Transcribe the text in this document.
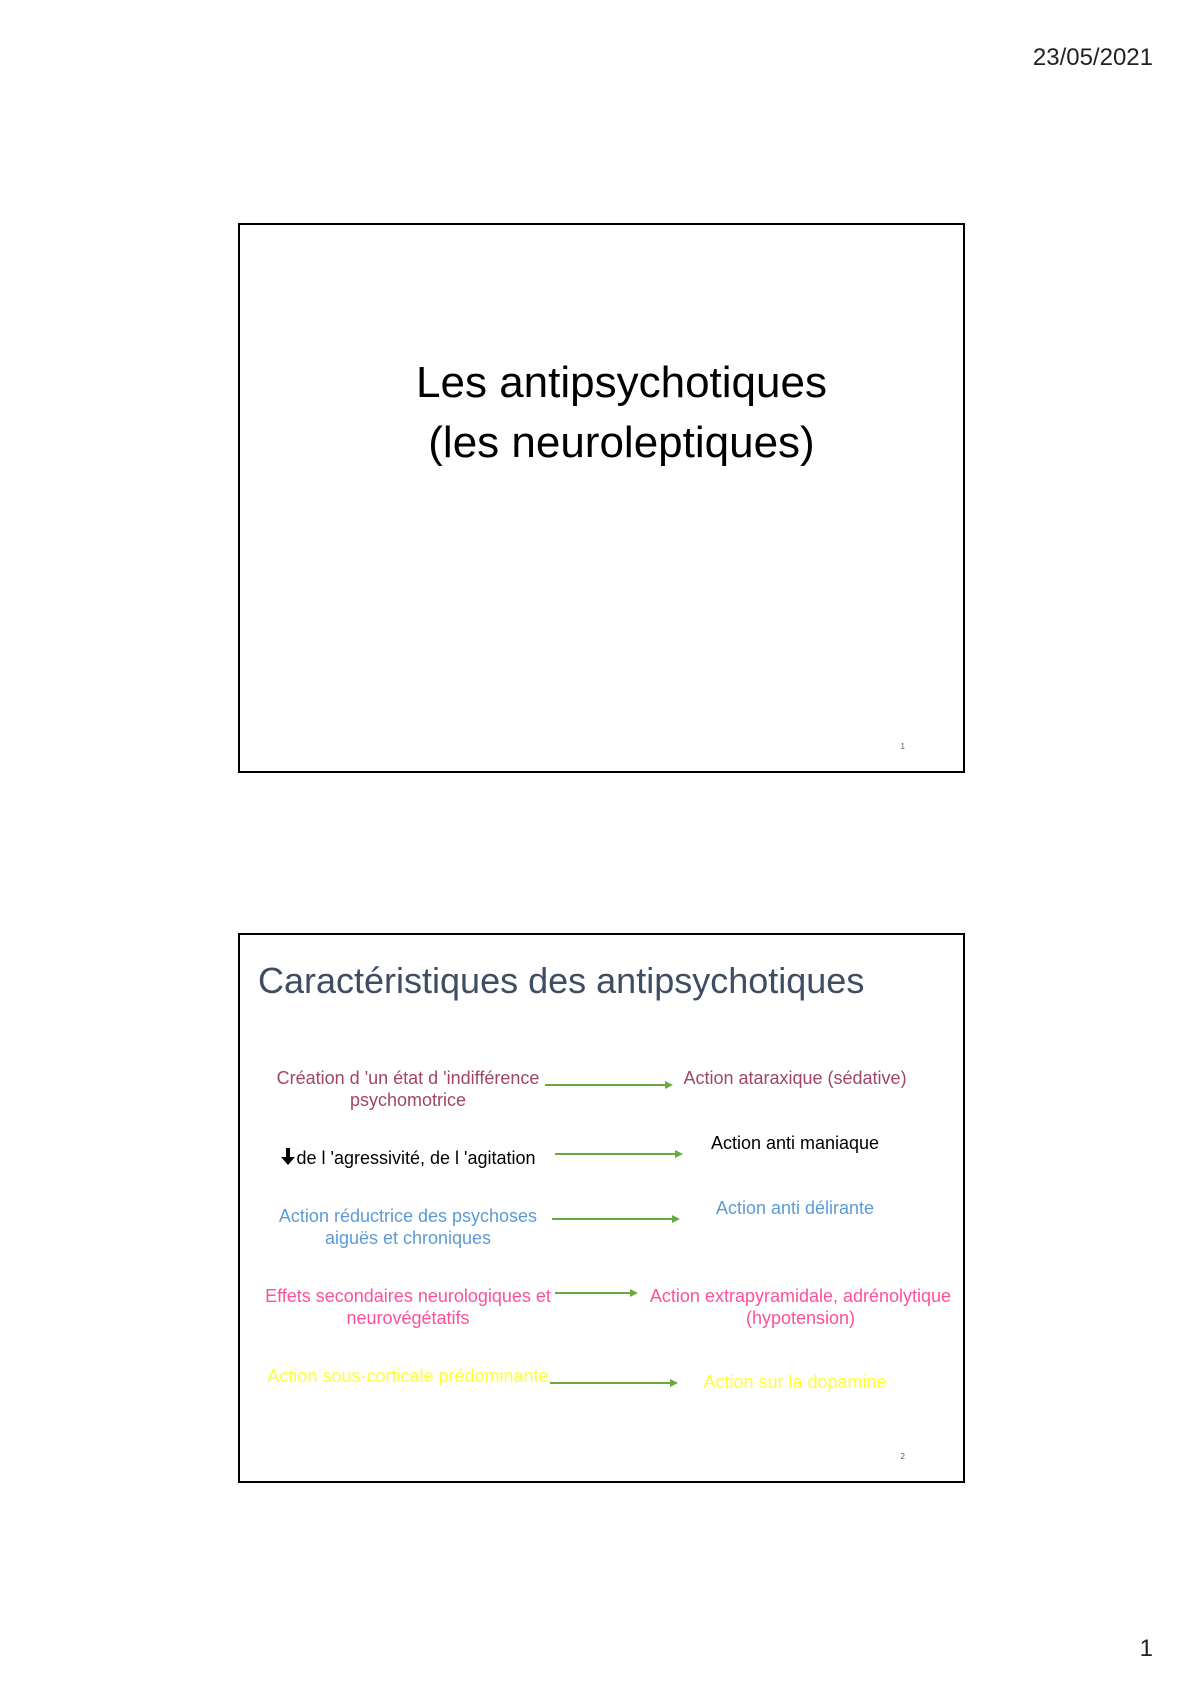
23/05/2021
Les antipsychotiques
(les neuroleptiques)
1
Caractéristiques des antipsychotiques
Création d 'un état d 'indifférence
psychomotrice
Action ataraxique (sédative)
de l 'agressivité, de l 'agitation
Action anti maniaque
Action réductrice des psychoses
aiguës et chroniques
Action anti délirante
Effets secondaires neurologiques et
neurovégétatifs
Action extrapyramidale, adrénolytique
(hypotension)
Action sous-corticale prédominante	Action sur la dopamine
2
1
